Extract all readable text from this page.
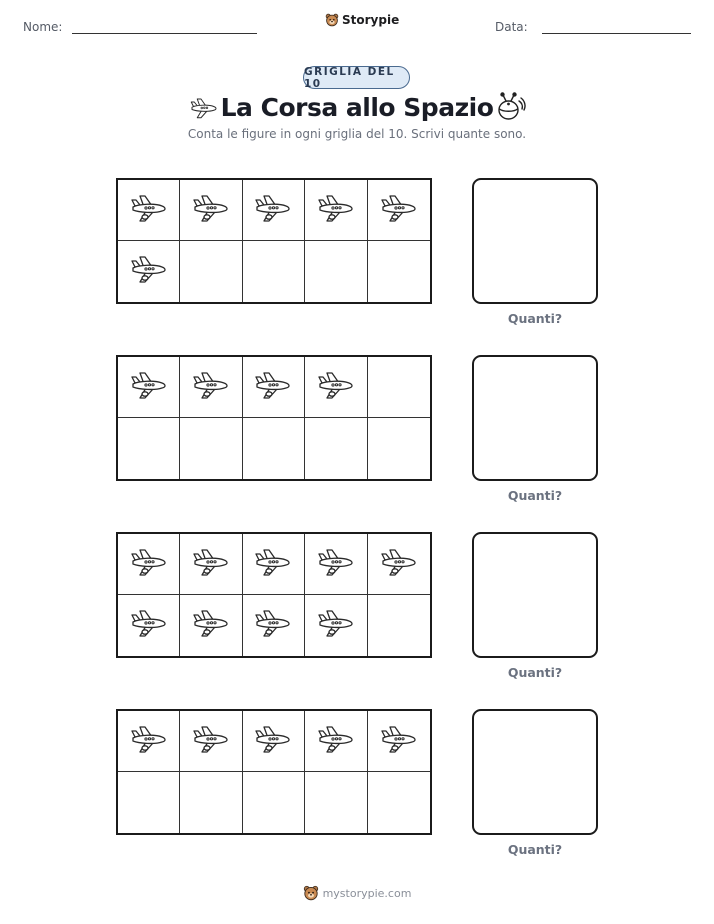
Nome:	Storypie	Data:
GRIGLIA DEL 10
La Corsa allo Spazio
Conta le figure in ogni griglia del 10. Scrivi quante sono.
Quanti?
Quanti?
Quanti?
Quanti?
mystorypie.com
